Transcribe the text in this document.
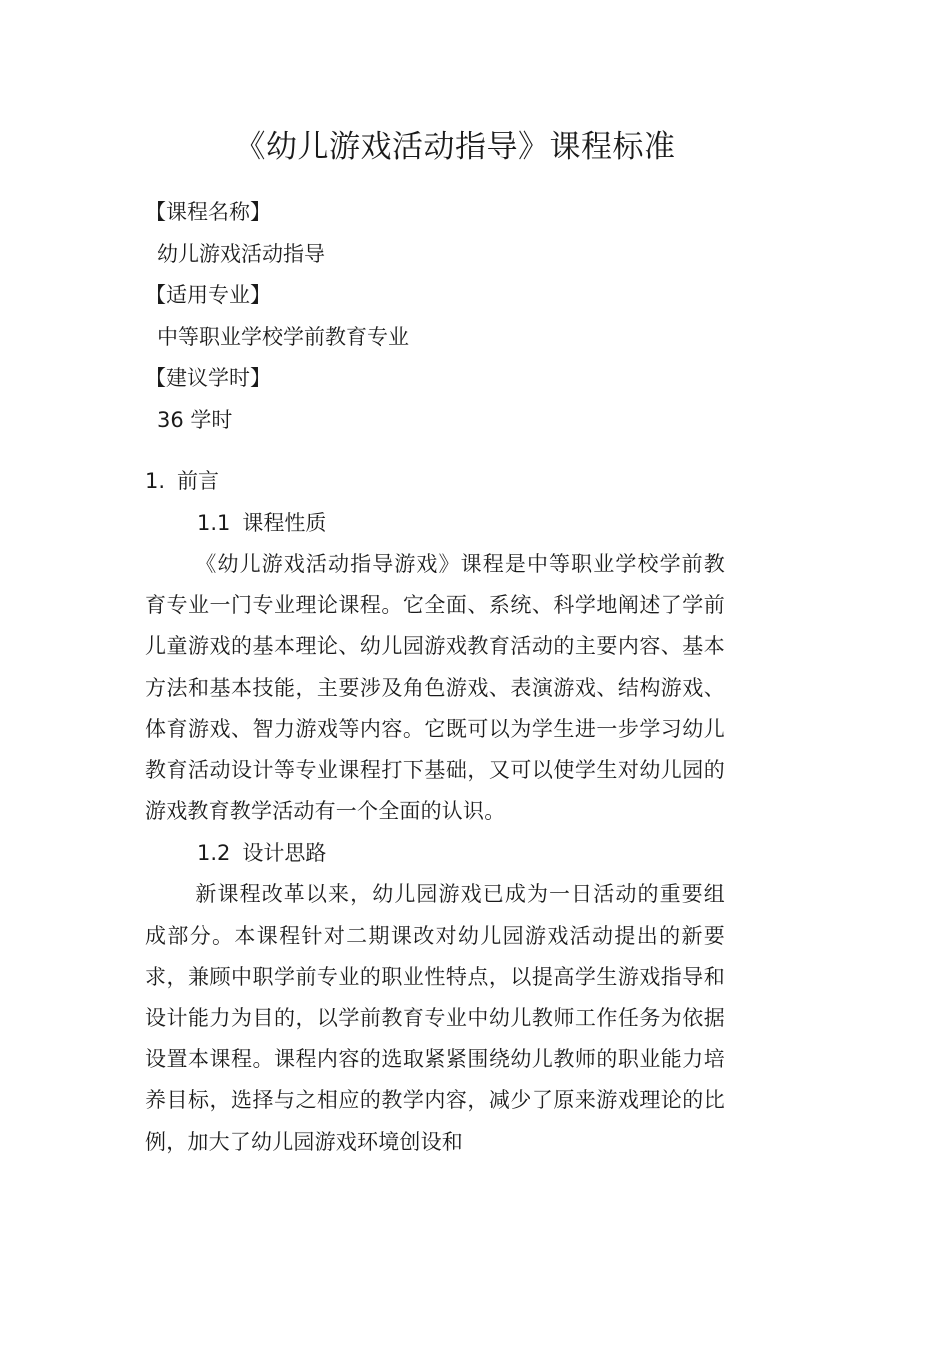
《幼儿游戏活动指导》课程标准
【课程名称】
幼儿游戏活动指导
【适用专业】
中等职业学校学前教育专业
【建议学时】
36 学时
1. 前言
1.1 课程性质

《幼儿游戏活动指导游戏》课程是中等职业学校学前教育专业一门专业理论课程。它全面、系统、科学地阐述了学前儿童游戏的基本理论、幼儿园游戏教育活动的主要内容、基本方法和基本技能，主要涉及角色游戏、表演游戏、结构游戏、体育游戏、智力游戏等内容。它既可以为学生进一步学习幼儿教育活动设计等专业课程打下基础，又可以使学生对幼儿园的游戏教育教学活动有一个全面的认识。

1.2 设计思路

新课程改革以来，幼儿园游戏已成为一日活动的重要组成部分。本课程针对二期课改对幼儿园游戏活动提出的新要求，兼顾中职学前专业的职业性特点，以提高学生游戏指导和设计能力为目的，以学前教育专业中幼儿教师工作任务为依据设置本课程。课程内容的选取紧紧围绕幼儿教师的职业能力培养目标，选择与之相应的教学内容，减少了原来游戏理论的比例，加大了幼儿园游戏环境创设和
